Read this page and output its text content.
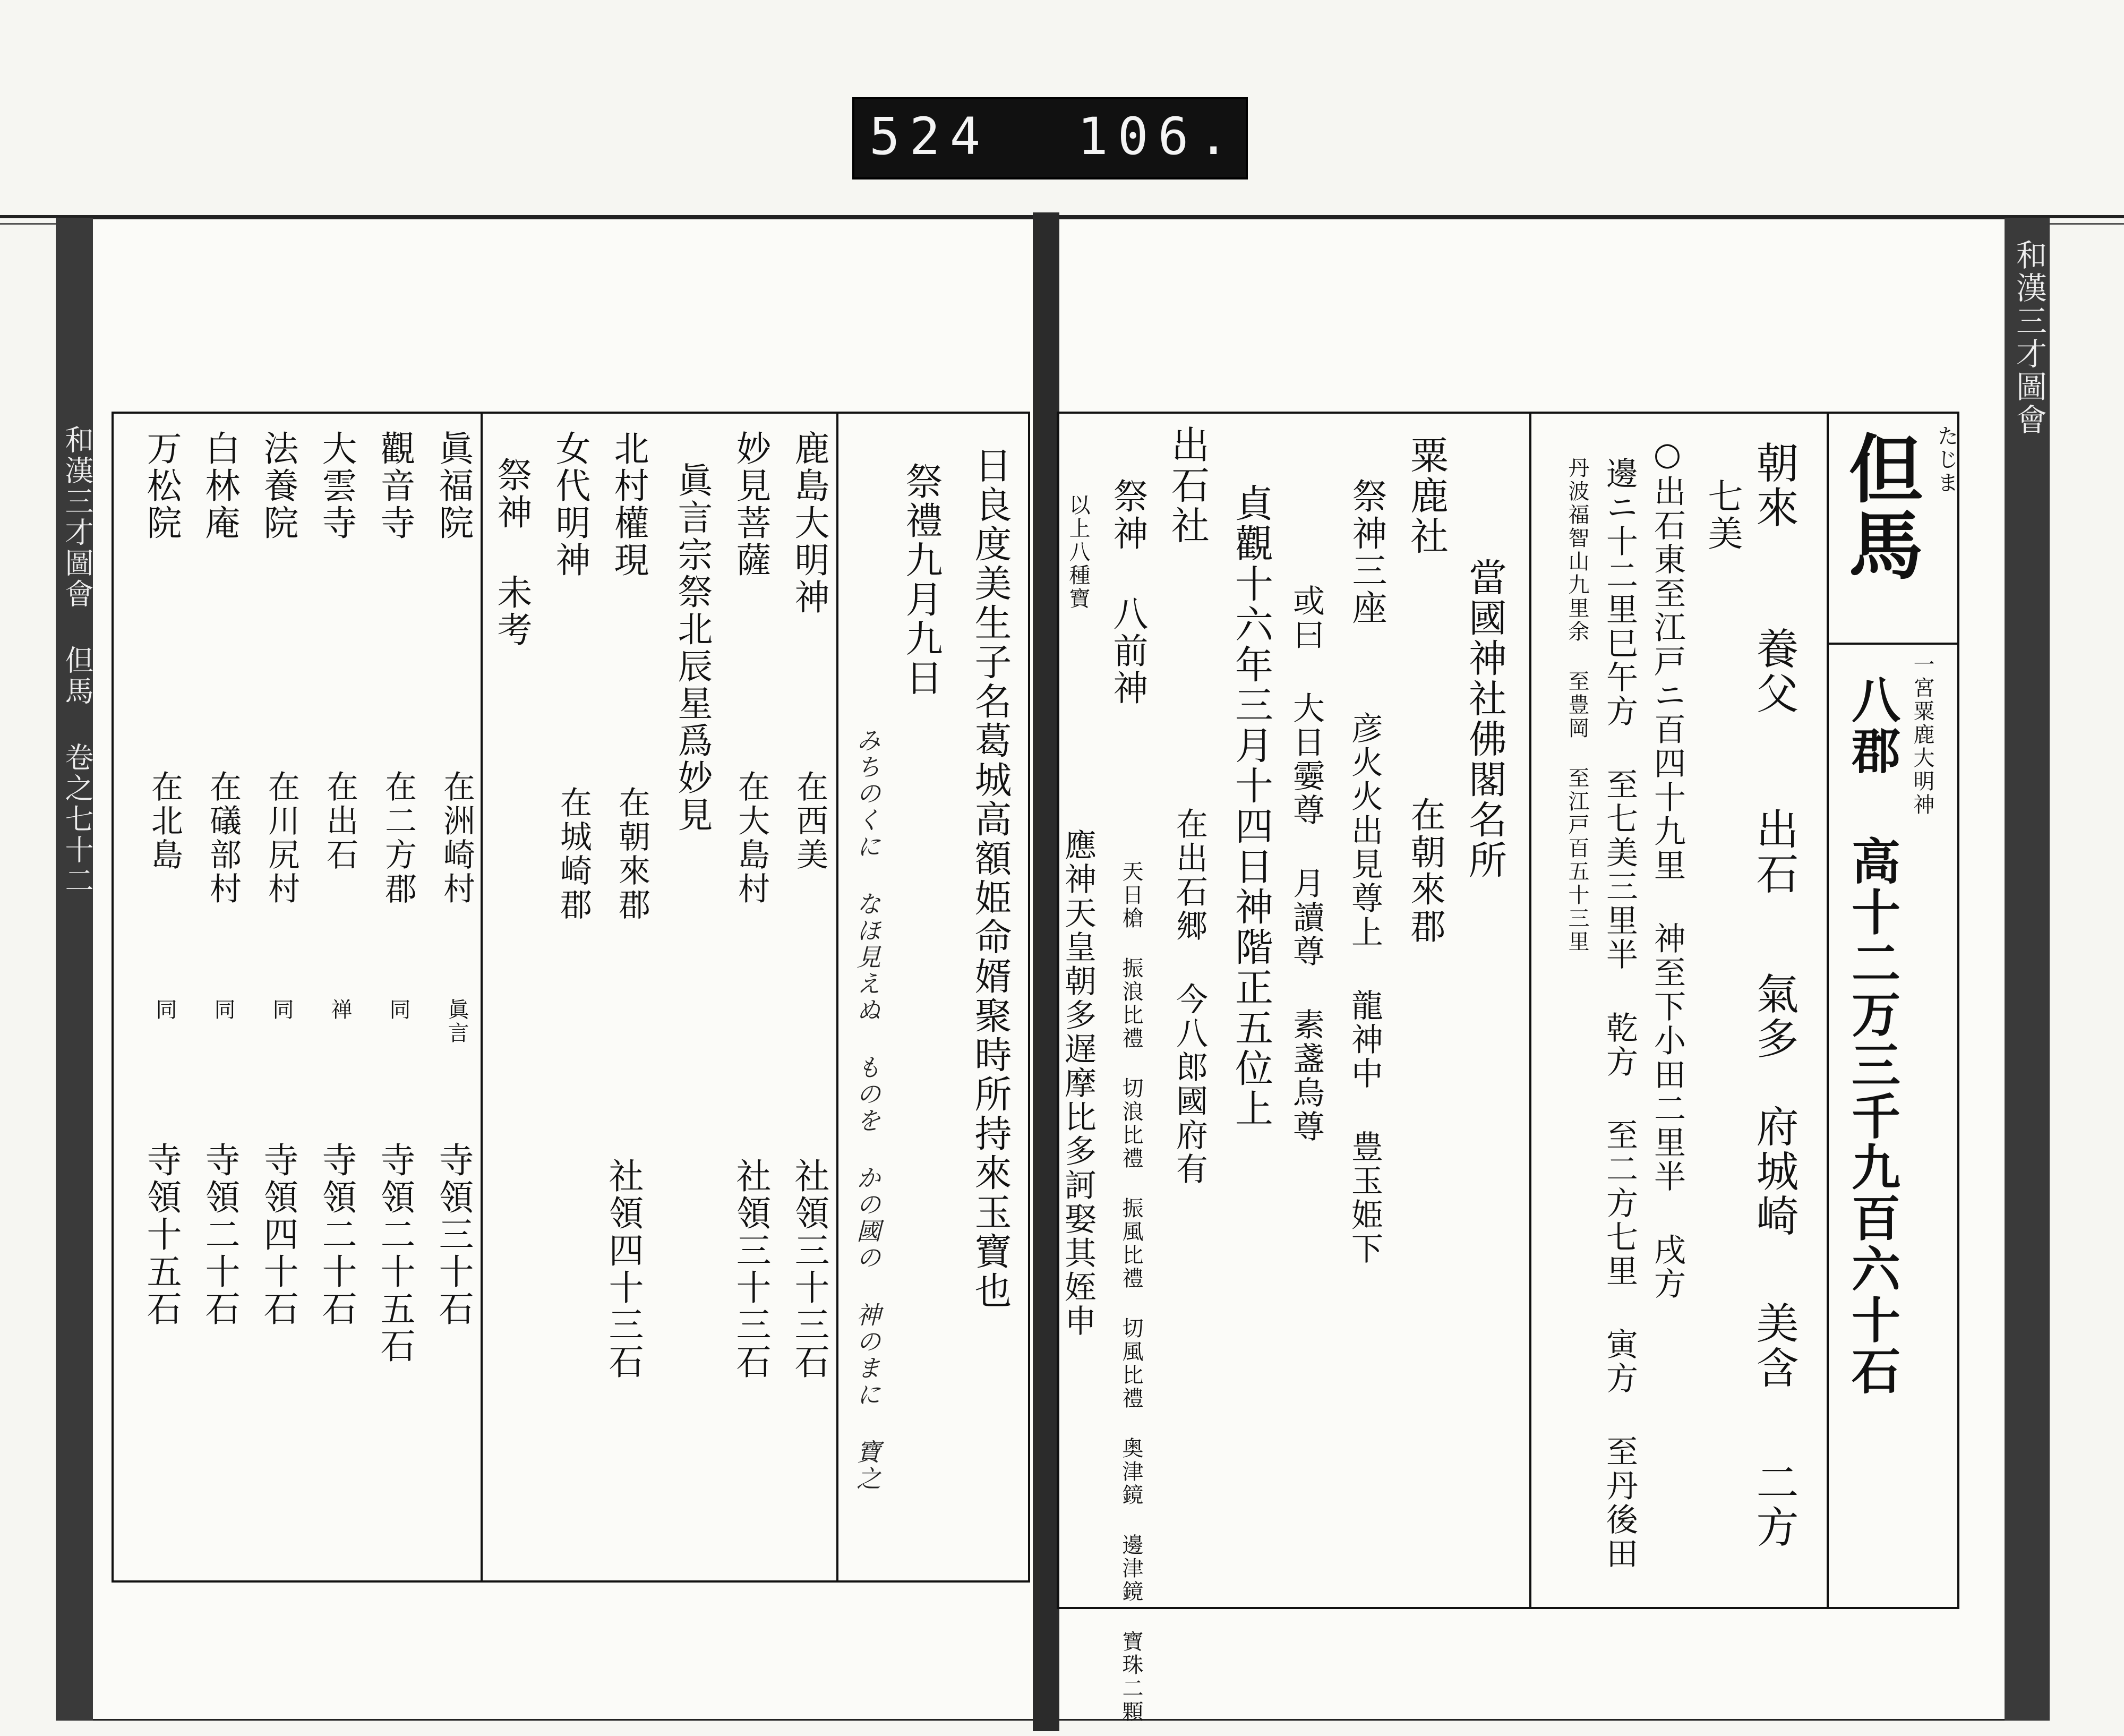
524 106.
和漢三才圖會
和漢三才圖會 但馬 卷之七十二	但馬 たじま
一宮粟鹿大明神
八郡 高十二万三千九百六十石
朝來
養父
出石
氣多
府城崎
美含
二方
七美
○出石東至江戸ニ百四十九里 神至下小田二里半 戌方
邊ニ十二里巳午方 至七美三里半 乾方 至二方七里 寅方 至丹後田
丹波福智山九里余 至豊岡 至江戸百五十三里
當國神社佛閣名所
粟鹿社
在朝來郡
祭神三座
彦火火出見尊上 龍神中 豊玉姫下
或曰 大日孁尊 月讀尊 素盞烏尊
貞觀十六年三月十四日神階正五位上
出石社
在出石郷 今八郎國府有
祭神 八前神
天日槍 振浪比禮 切浪比禮 振風比禮 切風比禮 奥津鏡 邊津鏡 寶珠二顆
以上八種寶
應神天皇朝多遅摩比多訶娶其姪申
日良度美生子名葛城高額姫命婿聚時所持來玉寶也
祭禮九月九日
みちのくに なほ見えぬ ものを かの國の 神のまに 寶之
鹿島大明神
在西美
社領三十三石
妙見菩薩
在大島村
社領三十三石
眞言宗祭北辰星爲妙見
北村權現
在朝來郡
社領四十三石
女代明神
在城崎郡
祭神 未考
眞福院
在洲崎村
眞言
寺領三十石
觀音寺
在二方郡
同
寺領二十五石
大雲寺
在出石
禅
寺領二十石
法養院
在川尻村
同
寺領四十石
白林庵
在礒部村
同
寺領二十石
万松院
在北島
同
寺領十五石
